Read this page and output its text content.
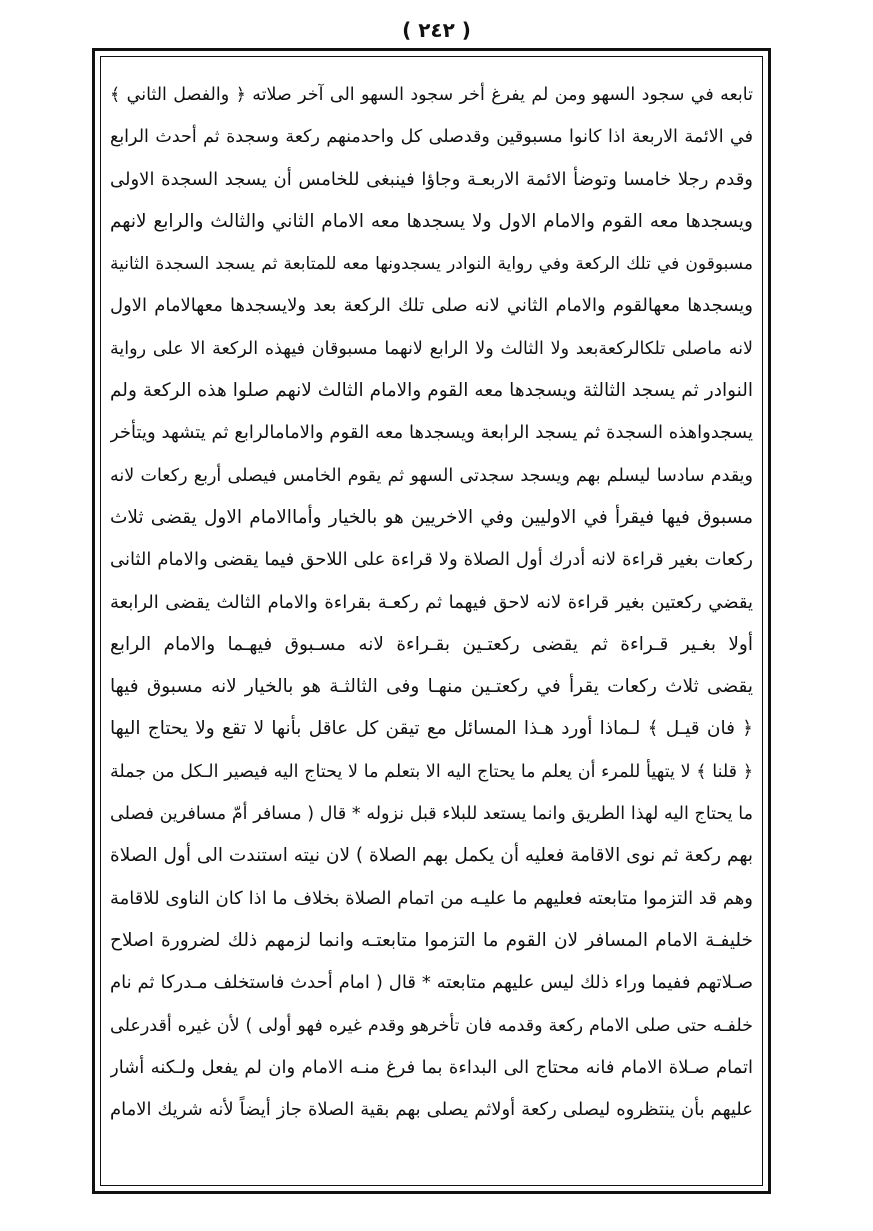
( ٢٤٢ )
تابعه في سجود السهو ومن لم يفرغ أخر سجود السهو الى آخر صلاته ﴿ والفصل الثاني ﴾
في الائمة الاربعة اذا كانوا مسبوقين وقدصلى كل واحدمنهم ركعة وسجدة ثم أحدث الرابع
وقدم رجلا خامسا وتوضأ الائمة الاربعـة وجاؤا فينبغى للخامس أن يسجد السجدة الاولى
ويسجدها معه القوم والامام الاول ولا يسجدها معه الامام الثاني والثالث والرابع لانهم
مسبوقون في تلك الركعة وفي رواية النوادر يسجدونها معه للمتابعة ثم يسجد السجدة الثانية
ويسجدها معهالقوم والامام الثاني لانه صلى تلك الركعة بعد ولايسجدها معهالامام الاول
لانه ماصلى تلكالركعةبعد ولا الثالث ولا الرابع لانهما مسبوقان فيهذه الركعة الا على رواية
النوادر ثم يسجد الثالثة ويسجدها معه القوم والامام الثالث لانهم صلوا هذه الركعة ولم
يسجدواهذه السجدة ثم يسجد الرابعة ويسجدها معه القوم والامامالرابع ثم يتشهد ويتأخر
ويقدم سادسا ليسلم بهم ويسجد سجدتى السهو ثم يقوم الخامس فيصلى أربع ركعات لانه
مسبوق فيها فيقرأ في الاوليين وفي الاخريين هو بالخيار وأماالامام الاول يقضى ثلاث
ركعات بغير قراءة لانه أدرك أول الصلاة ولا قراءة على اللاحق فيما يقضى والامام الثانى
يقضي ركعتين بغير قراءة لانه لاحق فيهما ثم ركعـة بقراءة والامام الثالث يقضى الرابعة
أولا بغـير قـراءة ثم يقضى ركعتـين بقـراءة لانه مسـبوق فيهـما والامام الرابع
يقضى ثلاث ركعات يقرأ في ركعتـين منهـا وفى الثالثـة هو بالخيار لانه مسبوق فيها
﴿ فان قيـل ﴾ لـماذا أورد هـذا المسائل مع تيقن كل عاقل بأنها لا تقع ولا يحتاج اليها
﴿ قلنا ﴾ لا يتهيأ للمرء أن يعلم ما يحتاج اليه الا بتعلم ما لا يحتاج اليه فيصير الـكل من جملة
ما يحتاج اليه لهذا الطريق وانما يستعد للبلاء قبل نزوله * قال ( مسافر أمّ مسافرين فصلى
بهم ركعة ثم نوى الاقامة فعليه أن يكمل بهم الصلاة ) لان نيته استندت الى أول الصلاة
وهم قد التزموا متابعته فعليهم ما عليـه من اتمام الصلاة بخلاف ما اذا كان الناوى للاقامة
خليفـة الامام المسافر لان القوم ما التزموا متابعتـه وانما لزمهم ذلك لضرورة اصلاح
صـلاتهم ففيما وراء ذلك ليس عليهم متابعته * قال ( امام أحدث فاستخلف مـدركا ثم نام
خلفـه حتى صلى الامام ركعة وقدمه فان تأخرهو وقدم غيره فهو أولى ) لأن غيره أقدرعلى
اتمام صـلاة الامام فانه محتاج الى البداءة بما فرغ منـه الامام وان لم يفعل ولـكنه أشار
عليهم بأن ينتظروه ليصلى ركعة أولاثم يصلى بهم بقية الصلاة جاز أيضاً لأنه شريك الامام
